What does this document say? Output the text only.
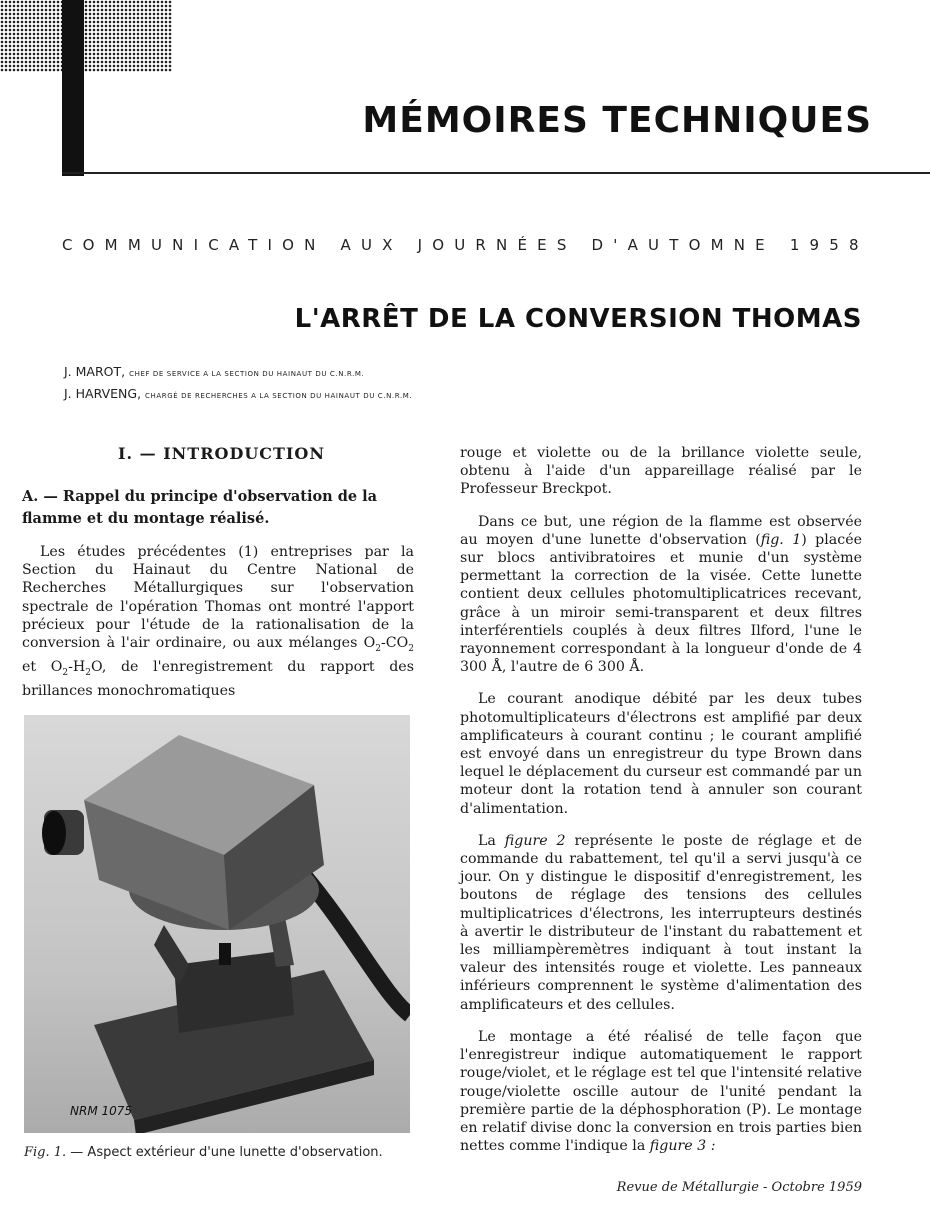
MÉMOIRES TECHNIQUES
COMMUNICATION AUX JOURNÉES D'AUTOMNE 1958
L'ARRÊT DE LA CONVERSION THOMAS
J. MAROT, CHEF DE SERVICE A LA SECTION DU HAINAUT DU C.N.R.M.
J. HARVENG, CHARGÉ DE RECHERCHES A LA SECTION DU HAINAUT DU C.N.R.M.
I. — INTRODUCTION
A. — Rappel du principe d'observation de la flamme et du montage réalisé.

Les études précédentes (1) entreprises par la Section du Hainaut du Centre National de Recherches Métallurgiques sur l'observation spectrale de l'opération Thomas ont montré l'apport précieux pour l'étude de la rationalisation de la conversion à l'air ordinaire, ou aux mélanges $O_2-CO_2$ et $O_2-H_2O$, de l'enregistrement du rapport des brillances monochromatiques

NRM 1075
Fig. 1. — Aspect extérieur d'une lunette d'observation.

rouge et violette ou de la brillance violette seule, obtenu à l'aide d'un appareillage réalisé par le Professeur Breckpot.

Dans ce but, une région de la flamme est observée au moyen d'une lunette d'observation (fig. 1) placée sur blocs antivibratoires et munie d'un système permettant la correction de la visée. Cette lunette contient deux cellules photomultiplicatrices recevant, grâce à un miroir semi-transparent et deux filtres interférentiels couplés à deux filtres Ilford, l'une le rayonnement correspondant à la longueur d'onde de 4 300 Å, l'autre de 6 300 Å.

Le courant anodique débité par les deux tubes photomultiplicateurs d'électrons est amplifié par deux amplificateurs à courant continu ; le courant amplifié est envoyé dans un enregistreur du type Brown dans lequel le déplacement du curseur est commandé par un moteur dont la rotation tend à annuler son courant d'alimentation.

La figure 2 représente le poste de réglage et de commande du rabattement, tel qu'il a servi jusqu'à ce jour. On y distingue le dispositif d'enregistrement, les boutons de réglage des tensions des cellules multiplicatrices d'électrons, les interrupteurs destinés à avertir le distributeur de l'instant du rabattement et les milliampèremètres indiquant à tout instant la valeur des intensités rouge et violette. Les panneaux inférieurs comprennent le système d'alimentation des amplificateurs et des cellules.

Le montage a été réalisé de telle façon que l'enregistreur indique automatiquement le rapport rouge/violet, et le réglage est tel que l'intensité relative rouge/violette oscille autour de l'unité pendant la première partie de la déphosphoration (P). Le montage en relatif divise donc la conversion en trois parties bien nettes comme l'indique la figure 3 :

Revue de Métallurgie - Octobre 1959
